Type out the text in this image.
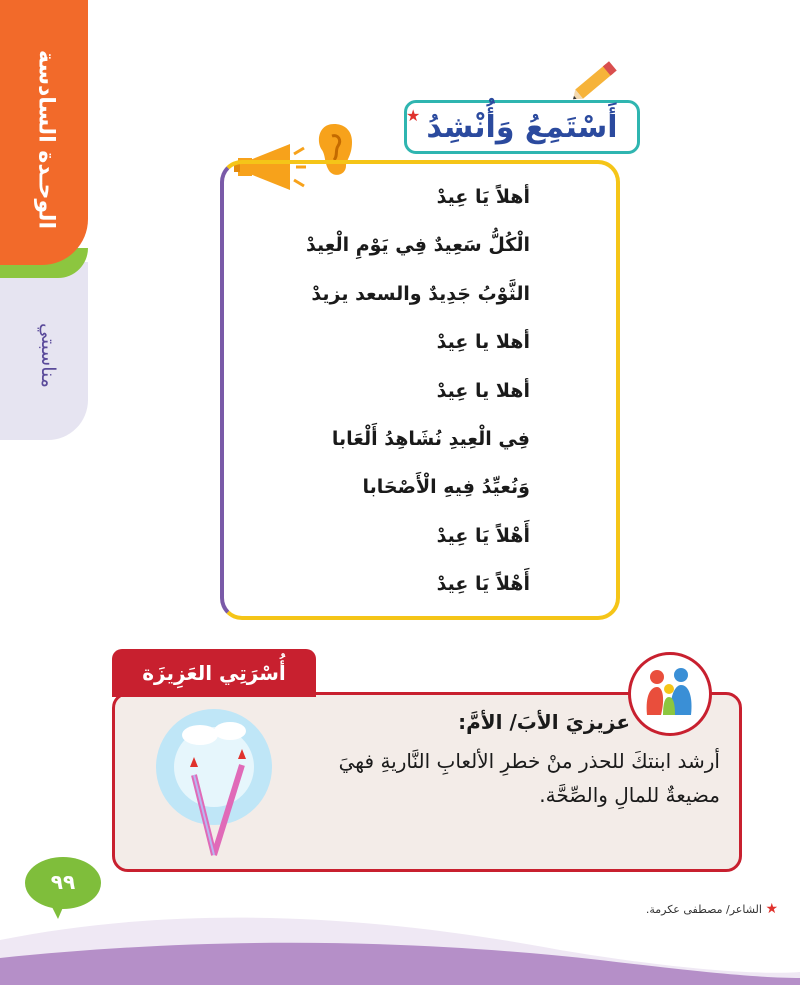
الوحـدة السادسة
مناسبتي
أَسْتَمِعُ وَأُنْشِدُ
★
أهلاً يَا عِيدْ
الْكُلُّ سَعِيدٌ فِي يَوْمِ الْعِيدْ
الثَّوْبُ جَدِيدٌ والسعد يزيدْ
أهلا يا عِيدْ
أهلا يا عِيدْ
فِي الْعِيدِ نُشَاهِدُ أَلْعَابا
وَنُعيِّدُ فِيهِ الْأَصْحَابا
أَهْلاً يَا عِيدْ
أَهْلاً يَا عِيدْ
أُسْرَتِي العَزِيزَة
عزيزيَ الأبَ/ الأمَّ:
أرشد ابنتكَ للحذر منْ خطرِ الألعابِ النَّاريةِ فهيَ مضيعةٌ للمالِ والصِّحَّة.
٩٩
★ الشاعر/ مصطفى عكرمة.
